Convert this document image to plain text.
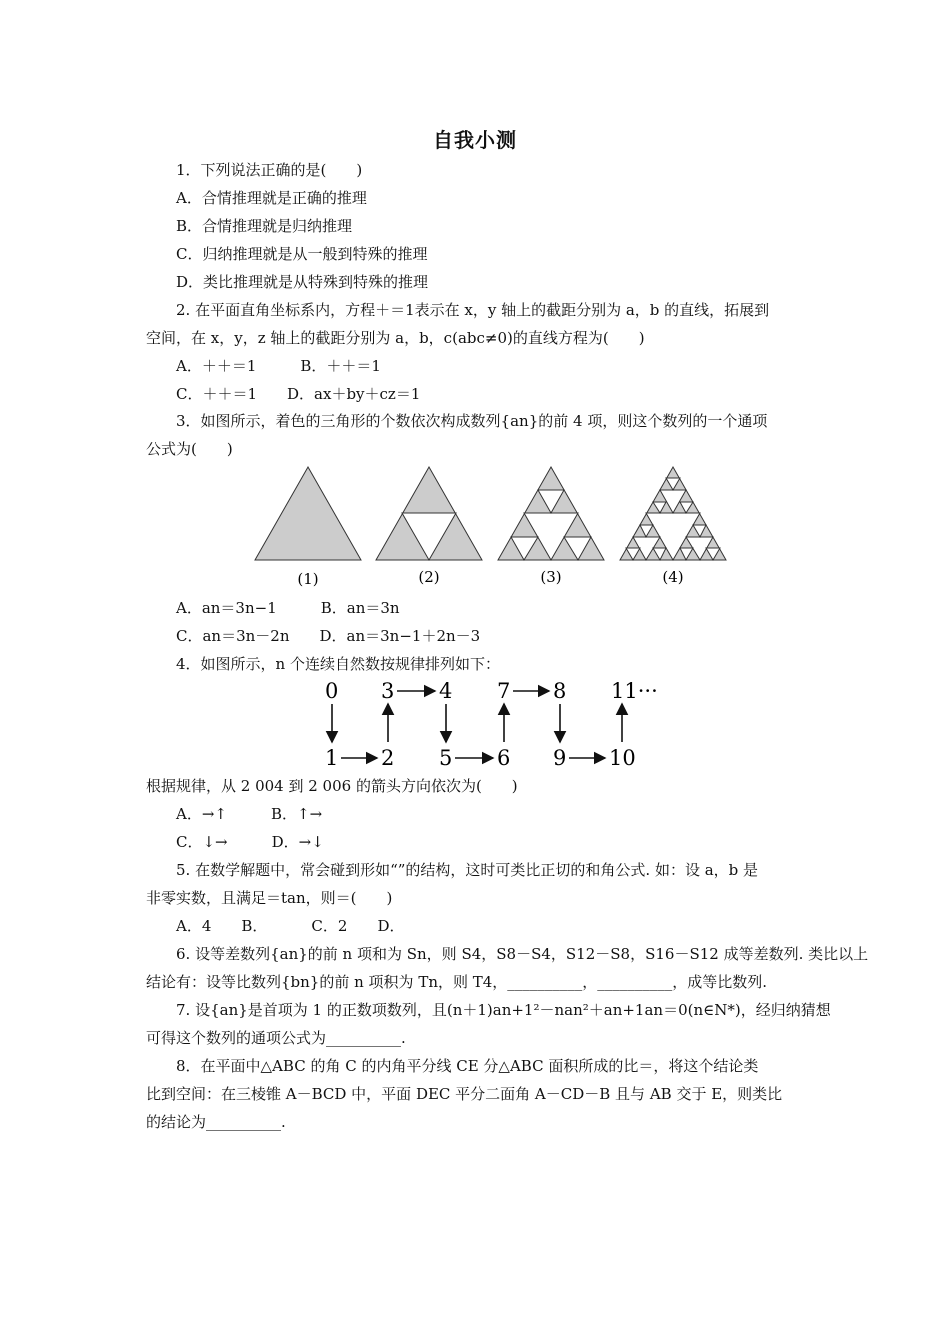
自我小测
1．下列说法正确的是(　　)
A．合情推理就是正确的推理
B．合情推理就是归纳推理
C．归纳推理就是从一般到特殊的推理
D．类比推理就是从特殊到特殊的推理
2. 在平面直角坐标系内，方程＋＝1表示在 x，y 轴上的截距分别为 a，b 的直线，拓展到
空间，在 x，y，z 轴上的截距分别为 a，b，c(abc≠0)的直线方程为(　　)
A．＋＋＝1	B．＋＋＝1
C．＋＋＝1 D．ax＋by＋cz＝1
3．如图所示，着色的三角形的个数依次构成数列{an}的前 4 项，则这个数列的一个通项
公式为(　　)
(1)	(2)	(3)	(4)
A．an＝3n−1	B．an＝3n
C．an＝3n－2n D．an＝3n−1＋2n－3
4．如图所示，n 个连续自然数按规律排列如下：
0 3 4 7 8 11···
1 2 5 6 9 10
根据规律，从 2 004 到 2 006 的箭头方向依次为(　　)
A．→↑	B．↑→
C．↓→	D．→↓
5. 在数学解题中，常会碰到形如“”的结构，这时可类比正切的和角公式. 如：设 a，b 是
非零实数，且满足＝tan，则＝(　　)
A．4 B．	C．2 D．
6. 设等差数列{an}的前 n 项和为 Sn，则 S4，S8－S4，S12－S8，S16－S12 成等差数列. 类比以上
结论有：设等比数列{bn}的前 n 项积为 Tn，则 T4，__________，__________，成等比数列.
7. 设{an}是首项为 1 的正数项数列，且(n＋1)an+1²－nan²＋an+1an＝0(n∈N*)，经归纳猜想
可得这个数列的通项公式为__________.
8．在平面中△ABC 的角 C 的内角平分线 CE 分△ABC 面积所成的比＝，将这个结论类
比到空间：在三棱锥 A－BCD 中，平面 DEC 平分二面角 A－CD－B 且与 AB 交于 E，则类比
的结论为__________.
